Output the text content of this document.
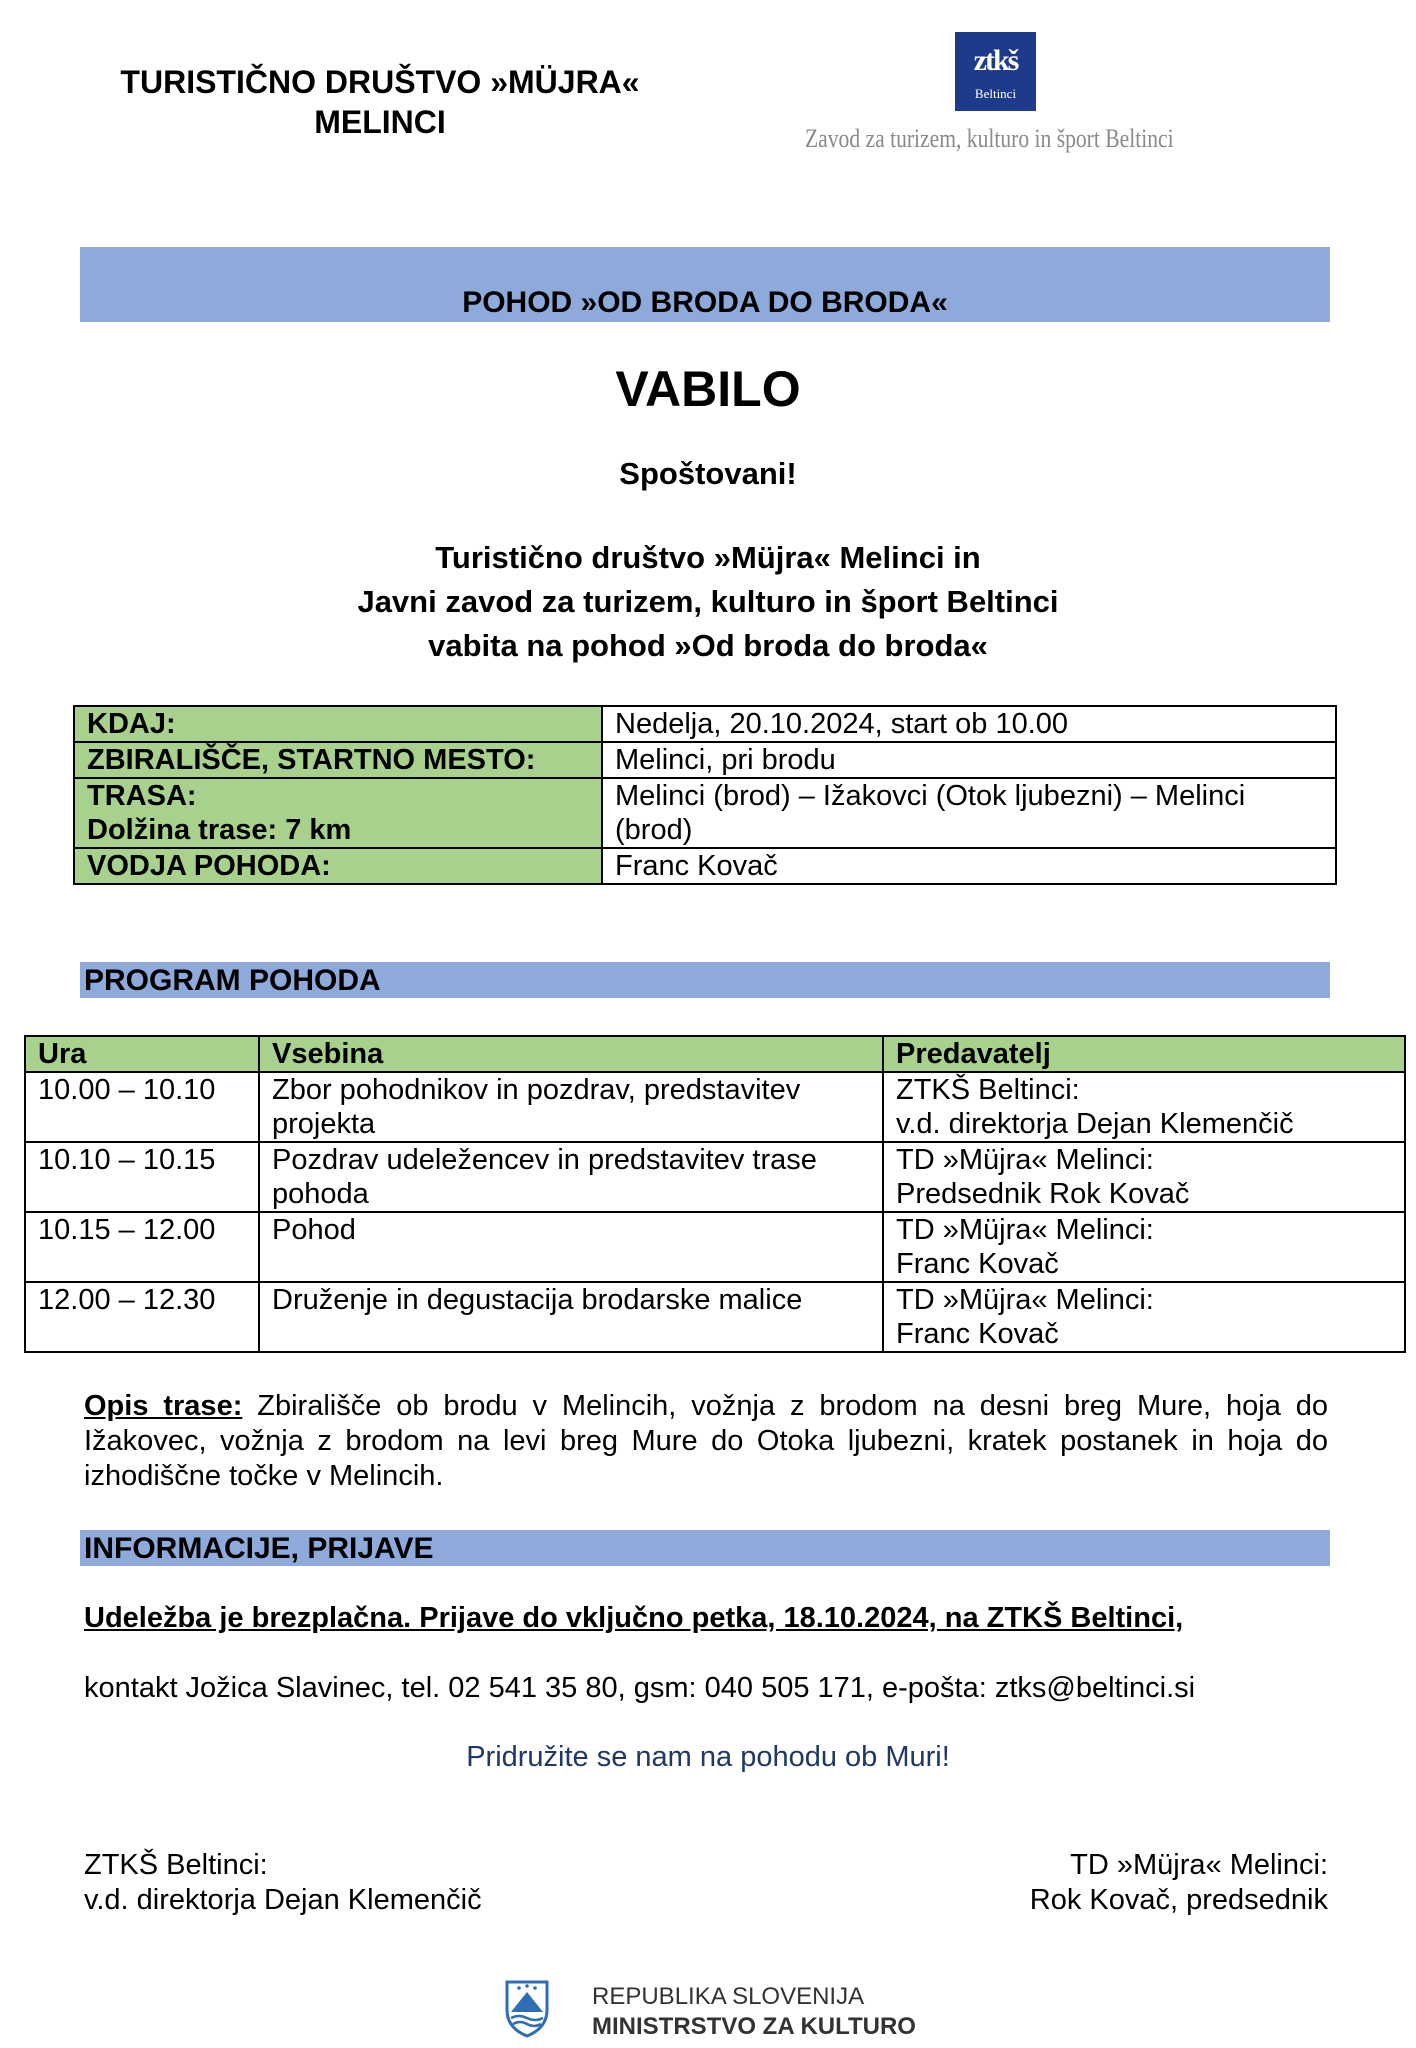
TURISTIČNO DRUŠTVO »MÜJRA«
MELINCI
ztkš
Beltinci
Zavod za turizem, kulturo in šport Beltinci
POHOD »OD BRODA DO BRODA«
VABILO
Spoštovani!
Turistično društvo »Müjra« Melinci in
Javni zavod za turizem, kulturo in šport Beltinci
vabita na pohod »Od broda do broda«
KDAJ:	Nedelja, 20.10.2024, start ob 10.00
ZBIRALIŠČE, STARTNO MESTO:	Melinci, pri brodu

TRASA:
Dolžina trase: 7 km	Melinci (brod) – Ižakovci (Otok ljubezni) – Melinci (brod)
VODJA POHODA:	Franc Kovač
PROGRAM POHODA
Ura	Vsebina	Predavatelj
10.00 – 10.10	Zbor pohodnikov in pozdrav, predstavitev projekta	ZTKŠ Beltinci:
v.d. direktorja Dejan Klemenčič

10.10 – 10.15	Pozdrav udeležencev in predstavitev trase pohoda	TD »Müjra« Melinci:
Predsednik Rok Kovač

10.15 – 12.00	Pohod	TD »Müjra« Melinci:
Franc Kovač

12.00 – 12.30	Druženje in degustacija brodarske malice	TD »Müjra« Melinci:
Franc Kovač
Opis trase: Zbirališče ob brodu v Melincih, vožnja z brodom na desni breg Mure, hoja do Ižakovec, vožnja z brodom na levi breg Mure do Otoka ljubezni, kratek postanek in hoja do izhodiščne točke v Melincih.
INFORMACIJE, PRIJAVE
Udeležba je brezplačna. Prijave do vključno petka, 18.10.2024, na ZTKŠ Beltinci,
kontakt Jožica Slavinec, tel. 02 541 35 80, gsm: 040 505 171, e-pošta: ztks@beltinci.si
Pridružite se nam na pohodu ob Muri!
ZTKŠ Beltinci:
v.d. direktorja Dejan Klemenčič
TD »Müjra« Melinci:
Rok Kovač, predsednik
REPUBLIKA SLOVENIJA
MINISTRSTVO ZA KULTURO
